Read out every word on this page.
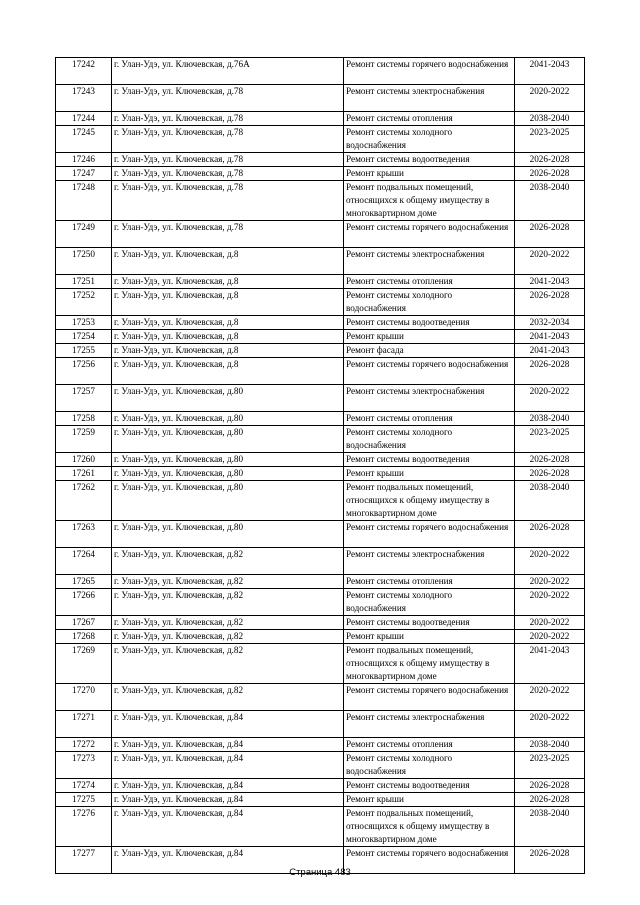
17242	г. Улан-Удэ, ул. Ключевская, д.76А	Ремонт системы горячего водоснабжения	2041-2043
17243	г. Улан-Удэ, ул. Ключевская, д.78	Ремонт системы электроснабжения	2020-2022
17244	г. Улан-Удэ, ул. Ключевская, д.78	Ремонт системы отопления	2038-2040
17245	г. Улан-Удэ, ул. Ключевская, д.78	Ремонт системы холодного водоснабжения	2023-2025
17246	г. Улан-Удэ, ул. Ключевская, д.78	Ремонт системы водоотведения	2026-2028
17247	г. Улан-Удэ, ул. Ключевская, д.78	Ремонт крыши	2026-2028
17248	г. Улан-Удэ, ул. Ключевская, д.78	Ремонт подвальных помещений, относящихся к общему имуществу в многоквартирном доме	2038-2040
17249	г. Улан-Удэ, ул. Ключевская, д.78	Ремонт системы горячего водоснабжения	2026-2028
17250	г. Улан-Удэ, ул. Ключевская, д.8	Ремонт системы электроснабжения	2020-2022
17251	г. Улан-Удэ, ул. Ключевская, д.8	Ремонт системы отопления	2041-2043
17252	г. Улан-Удэ, ул. Ключевская, д.8	Ремонт системы холодного водоснабжения	2026-2028
17253	г. Улан-Удэ, ул. Ключевская, д.8	Ремонт системы водоотведения	2032-2034
17254	г. Улан-Удэ, ул. Ключевская, д.8	Ремонт крыши	2041-2043
17255	г. Улан-Удэ, ул. Ключевская, д.8	Ремонт фасада	2041-2043
17256	г. Улан-Удэ, ул. Ключевская, д.8	Ремонт системы горячего водоснабжения	2026-2028
17257	г. Улан-Удэ, ул. Ключевская, д.80	Ремонт системы электроснабжения	2020-2022
17258	г. Улан-Удэ, ул. Ключевская, д.80	Ремонт системы отопления	2038-2040
17259	г. Улан-Удэ, ул. Ключевская, д.80	Ремонт системы холодного водоснабжения	2023-2025
17260	г. Улан-Удэ, ул. Ключевская, д.80	Ремонт системы водоотведения	2026-2028
17261	г. Улан-Удэ, ул. Ключевская, д.80	Ремонт крыши	2026-2028
17262	г. Улан-Удэ, ул. Ключевская, д.80	Ремонт подвальных помещений, относящихся к общему имуществу в многоквартирном доме	2038-2040
17263	г. Улан-Удэ, ул. Ключевская, д.80	Ремонт системы горячего водоснабжения	2026-2028
17264	г. Улан-Удэ, ул. Ключевская, д.82	Ремонт системы электроснабжения	2020-2022
17265	г. Улан-Удэ, ул. Ключевская, д.82	Ремонт системы отопления	2020-2022
17266	г. Улан-Удэ, ул. Ключевская, д.82	Ремонт системы холодного водоснабжения	2020-2022
17267	г. Улан-Удэ, ул. Ключевская, д.82	Ремонт системы водоотведения	2020-2022
17268	г. Улан-Удэ, ул. Ключевская, д.82	Ремонт крыши	2020-2022
17269	г. Улан-Удэ, ул. Ключевская, д.82	Ремонт подвальных помещений, относящихся к общему имуществу в многоквартирном доме	2041-2043
17270	г. Улан-Удэ, ул. Ключевская, д.82	Ремонт системы горячего водоснабжения	2020-2022
17271	г. Улан-Удэ, ул. Ключевская, д.84	Ремонт системы электроснабжения	2020-2022
17272	г. Улан-Удэ, ул. Ключевская, д.84	Ремонт системы отопления	2038-2040
17273	г. Улан-Удэ, ул. Ключевская, д.84	Ремонт системы холодного водоснабжения	2023-2025
17274	г. Улан-Удэ, ул. Ключевская, д.84	Ремонт системы водоотведения	2026-2028
17275	г. Улан-Удэ, ул. Ключевская, д.84	Ремонт крыши	2026-2028
17276	г. Улан-Удэ, ул. Ключевская, д.84	Ремонт подвальных помещений, относящихся к общему имуществу в многоквартирном доме	2038-2040
17277	г. Улан-Удэ, ул. Ключевская, д.84	Ремонт системы горячего водоснабжения	2026-2028
Страница 483
